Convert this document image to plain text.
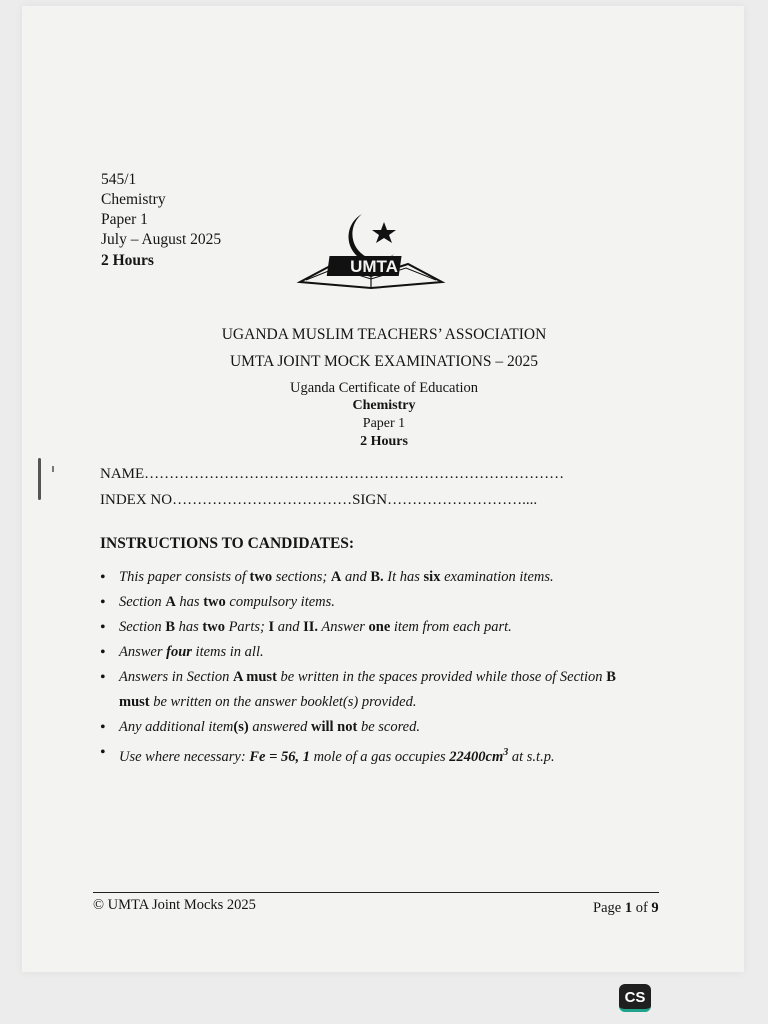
545/1
Chemistry
Paper 1
July – August 2025
2 Hours	UMTA
UGANDA MUSLIM TEACHERS’ ASSOCIATION
UMTA JOINT MOCK EXAMINATIONS – 2025
Uganda Certificate of Education
Chemistry
Paper 1
2 Hours
NAME…………………………………………………………………………
INDEX NO………………………………SIGN………………………....
INSTRUCTIONS TO CANDIDATES:
• This paper consists of two sections; A and B. It has six examination items.
• Section A has two compulsory items.
• Section B has two Parts; I and II. Answer one item from each part.
• Answer four items in all.
• Answers in Section A must be written in the spaces provided while those of Section B
must be written on the answer booklet(s) provided.
• Any additional item(s) answered will not be scored.
• Use where necessary: Fe = 56, 1 mole of a gas occupies $22400cm^3$ at s.t.p.
© UMTA Joint Mocks 2025	Page 1 of 9
CS
